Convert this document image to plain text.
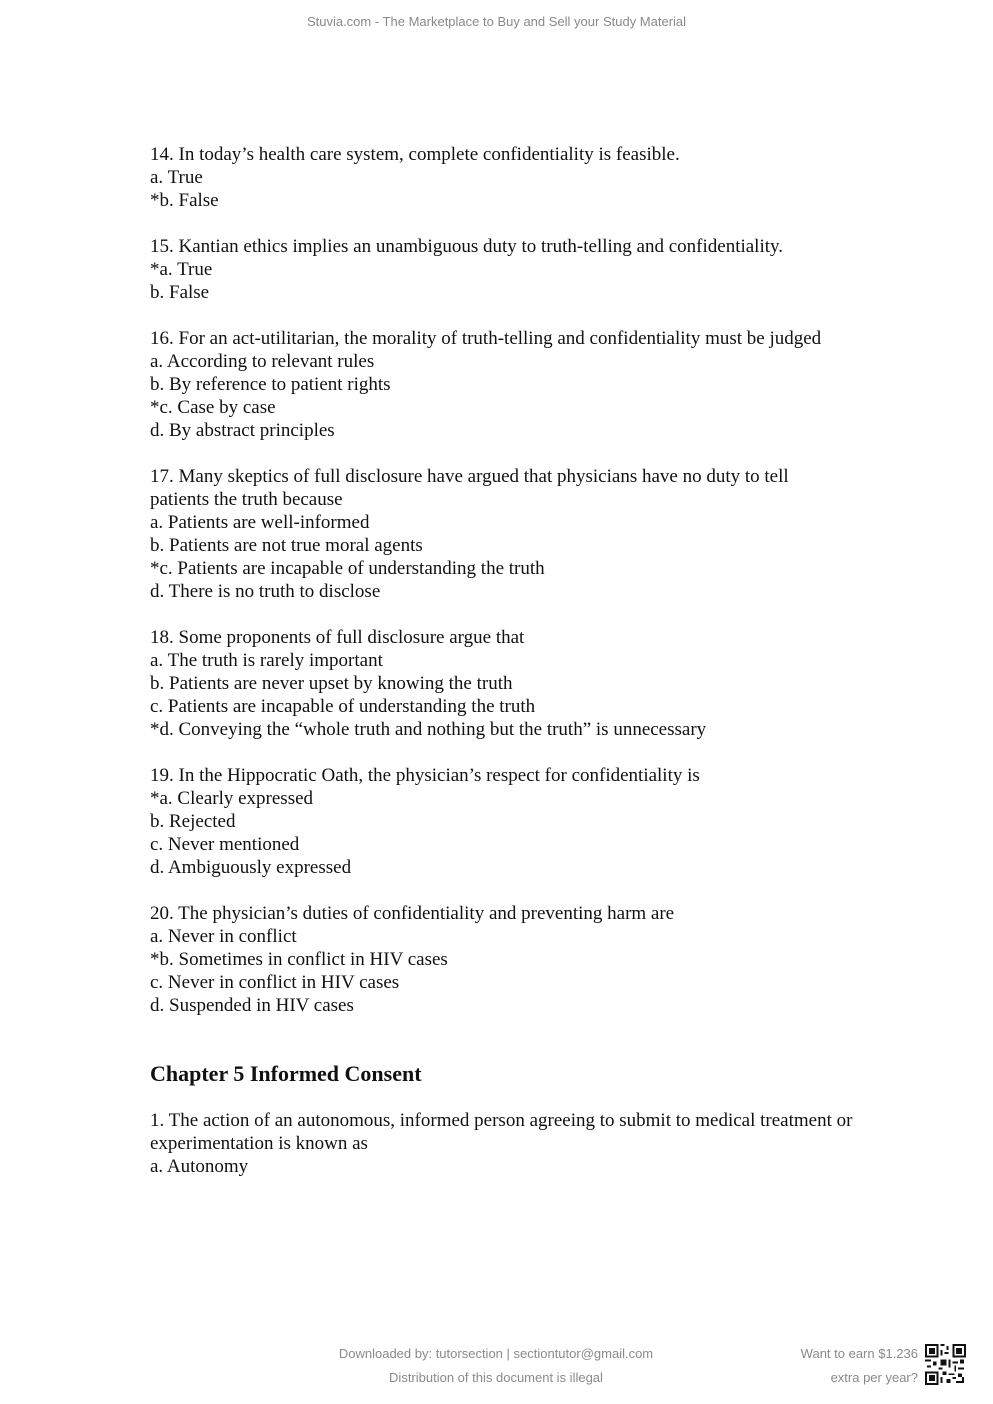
Stuvia.com - The Marketplace to Buy and Sell your Study Material
14. In today’s health care system, complete confidentiality is feasible.
a. True
*b. False
15. Kantian ethics implies an unambiguous duty to truth-telling and confidentiality.
*a. True
b. False
16. For an act-utilitarian, the morality of truth-telling and confidentiality must be judged
a. According to relevant rules
b. By reference to patient rights
*c. Case by case
d. By abstract principles
17. Many skeptics of full disclosure have argued that physicians have no duty to tell patients the truth because
a. Patients are well-informed
b. Patients are not true moral agents
*c. Patients are incapable of understanding the truth
d. There is no truth to disclose
18. Some proponents of full disclosure argue that
a. The truth is rarely important
b. Patients are never upset by knowing the truth
c. Patients are incapable of understanding the truth
*d. Conveying the “whole truth and nothing but the truth” is unnecessary
19. In the Hippocratic Oath, the physician’s respect for confidentiality is
*a. Clearly expressed
b. Rejected
c. Never mentioned
d. Ambiguously expressed
20. The physician’s duties of confidentiality and preventing harm are
a. Never in conflict
*b. Sometimes in conflict in HIV cases
c. Never in conflict in HIV cases
d. Suspended in HIV cases
Chapter 5 Informed Consent
1. The action of an autonomous, informed person agreeing to submit to medical treatment or experimentation is known as
a. Autonomy
Downloaded by: tutorsection | sectiontutor@gmail.com
Distribution of this document is illegal
Want to earn $1.236
extra per year?
